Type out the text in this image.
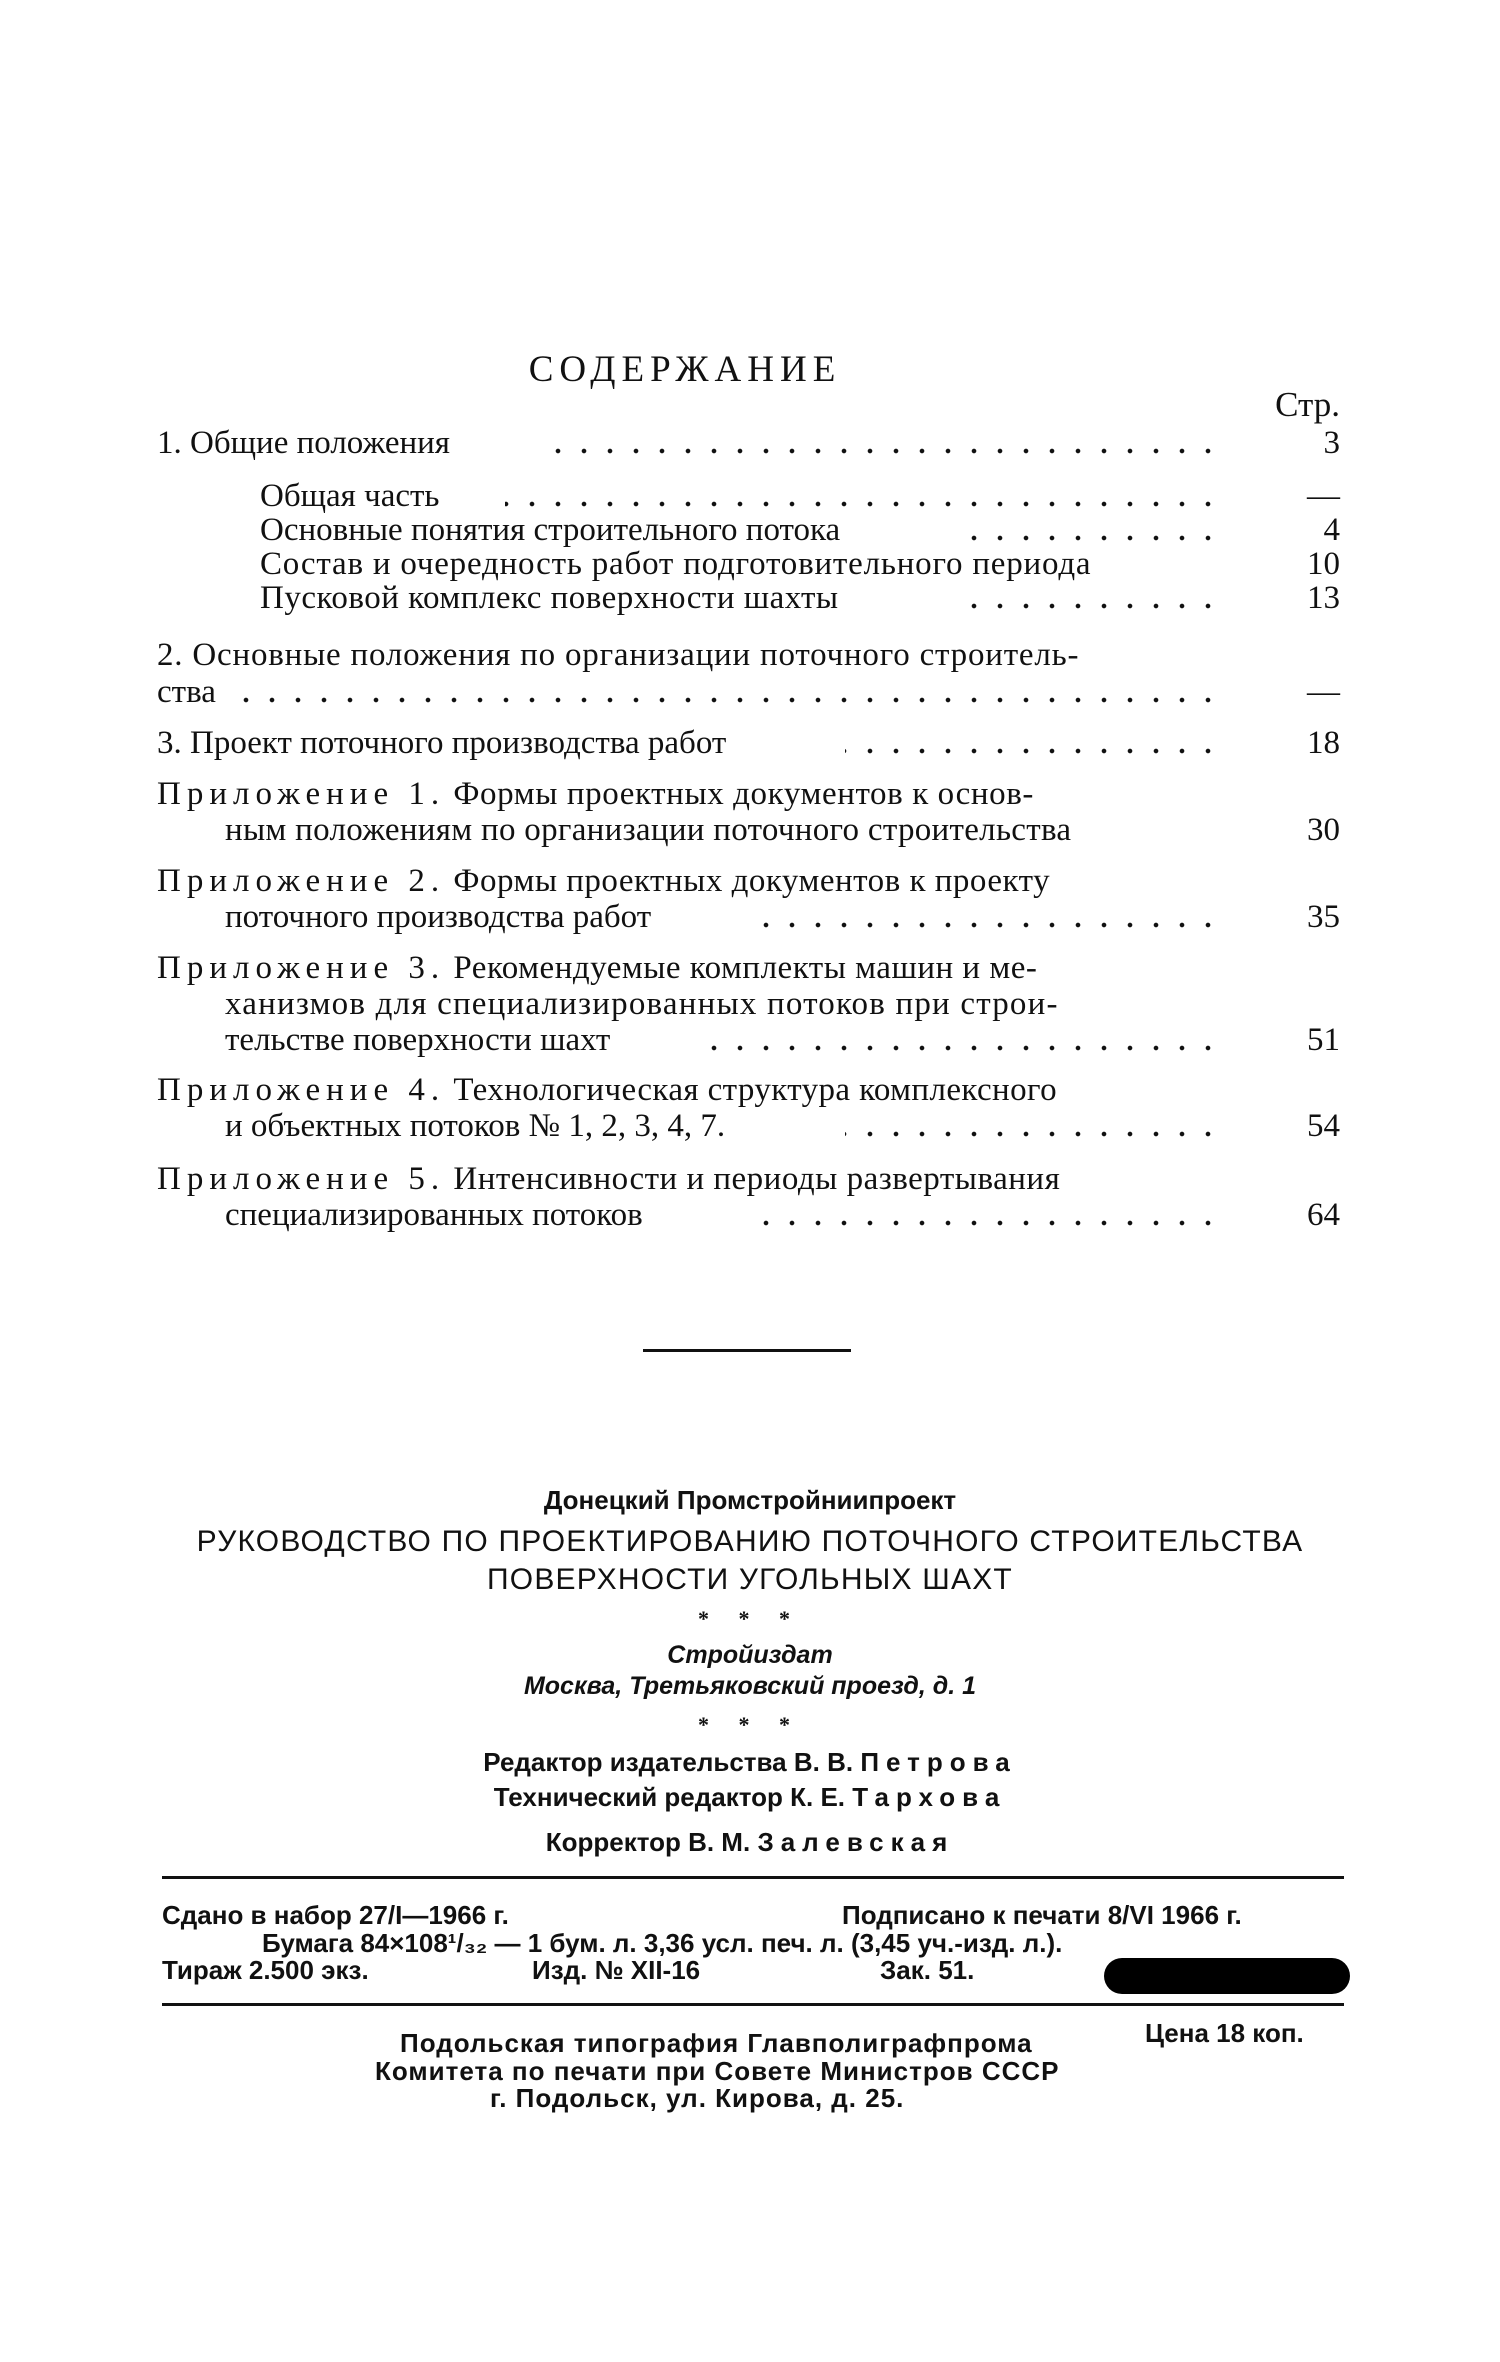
СОДЕРЖАНИЕ
Стр.
1. Общие положения	3
Общая часть	—
Основные понятия строительного потока	4
Состав и очередность работ подготовительного периода	10
Пусковой комплекс поверхности шахты	13
2. Основные положения по организации поточного строитель-
ства	—
3. Проект поточного производства работ	18
Приложение 1. Формы проектных документов к основ-
ным положениям по организации поточного строительства	30
Приложение 2. Формы проектных документов к проекту
поточного производства работ	35
Приложение 3. Рекомендуемые комплекты машин и ме-
ханизмов для специализированных потоков при строи-
тельстве поверхности шахт	51
Приложение 4. Технологическая структура комплексного
и объектных потоков № 1, 2, 3, 4, 7.	54
Приложение 5. Интенсивности и периоды развертывания
специализированных потоков	64
Донецкий Промстройниипроект
РУКОВОДСТВО ПО ПРОЕКТИРОВАНИЮ ПОТОЧНОГО СТРОИТЕЛЬСТВА
ПОВЕРХНОСТИ УГОЛЬНЫХ ШАХТ
* * *
Стройиздат
Москва, Третьяковский проезд, д. 1
* * *
Редактор издательства В. В. Петрова
Технический редактор К. Е. Тархова
Корректор В. М. Залевская
Сдано в набор 27/I—1966 г.	Подписано к печати 8/VI 1966 г.
Бумага 84×108¹/₃₂ — 1 бум. л. 3,36 усл. печ. л. (3,45 уч.-изд. л.).
Тираж 2.500 экз.	Изд. № XII-16	Зак. 51.
Подольская типография Главполиграфпрома	Цена 18 коп.
Комитета по печати при Совете Министров СССР
г. Подольск, ул. Кирова, д. 25.
